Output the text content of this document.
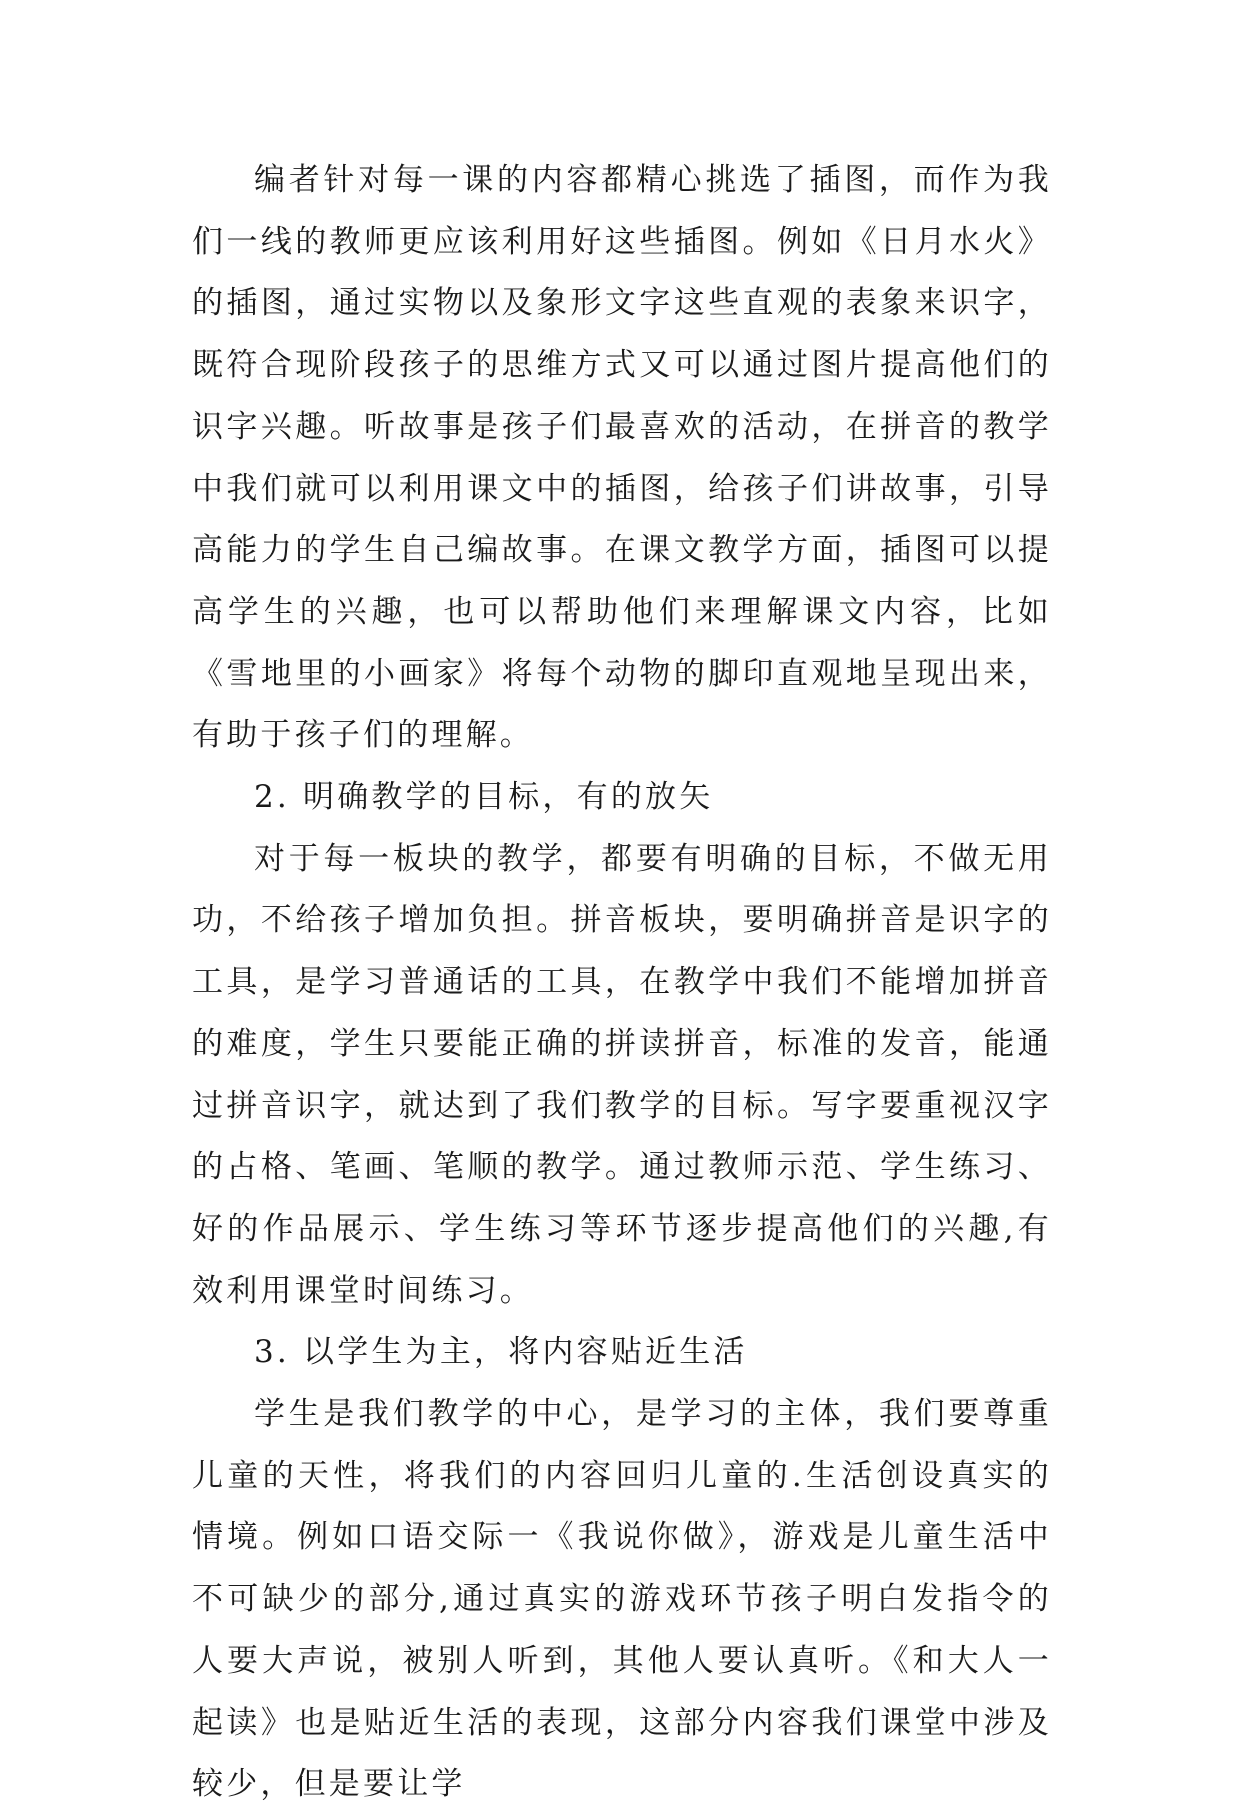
编者针对每一课的内容都精心挑选了插图，而作为我们一线的教师更应该利用好这些插图。例如《日月水火》的插图，通过实物以及象形文字这些直观的表象来识字，既符合现阶段孩子的思维方式又可以通过图片提高他们的识字兴趣。听故事是孩子们最喜欢的活动，在拼音的教学中我们就可以利用课文中的插图，给孩子们讲故事，引导高能力的学生自己编故事。在课文教学方面，插图可以提高学生的兴趣，也可以帮助他们来理解课文内容，比如《雪地里的小画家》将每个动物的脚印直观地呈现出来，有助于孩子们的理解。

2. 明确教学的目标，有的放矢

对于每一板块的教学，都要有明确的目标，不做无用功，不给孩子增加负担。拼音板块，要明确拼音是识字的工具，是学习普通话的工具，在教学中我们不能增加拼音的难度，学生只要能正确的拼读拼音，标准的发音，能通过拼音识字，就达到了我们教学的目标。写字要重视汉字的占格、笔画、笔顺的教学。通过教师示范、学生练习、好的作品展示、学生练习等环节逐步提高他们的兴趣,有效利用课堂时间练习。

3. 以学生为主，将内容贴近生活

学生是我们教学的中心，是学习的主体，我们要尊重儿童的天性，将我们的内容回归儿童的.生活创设真实的情境。例如口语交际一《我说你做》，游戏是儿童生活中不可缺少的部分,通过真实的游戏环节孩子明白发指令的人要大声说，被别人听到，其他人要认真听。《和大人一起读》也是贴近生活的表现，这部分内容我们课堂中涉及较少，但是要让学
